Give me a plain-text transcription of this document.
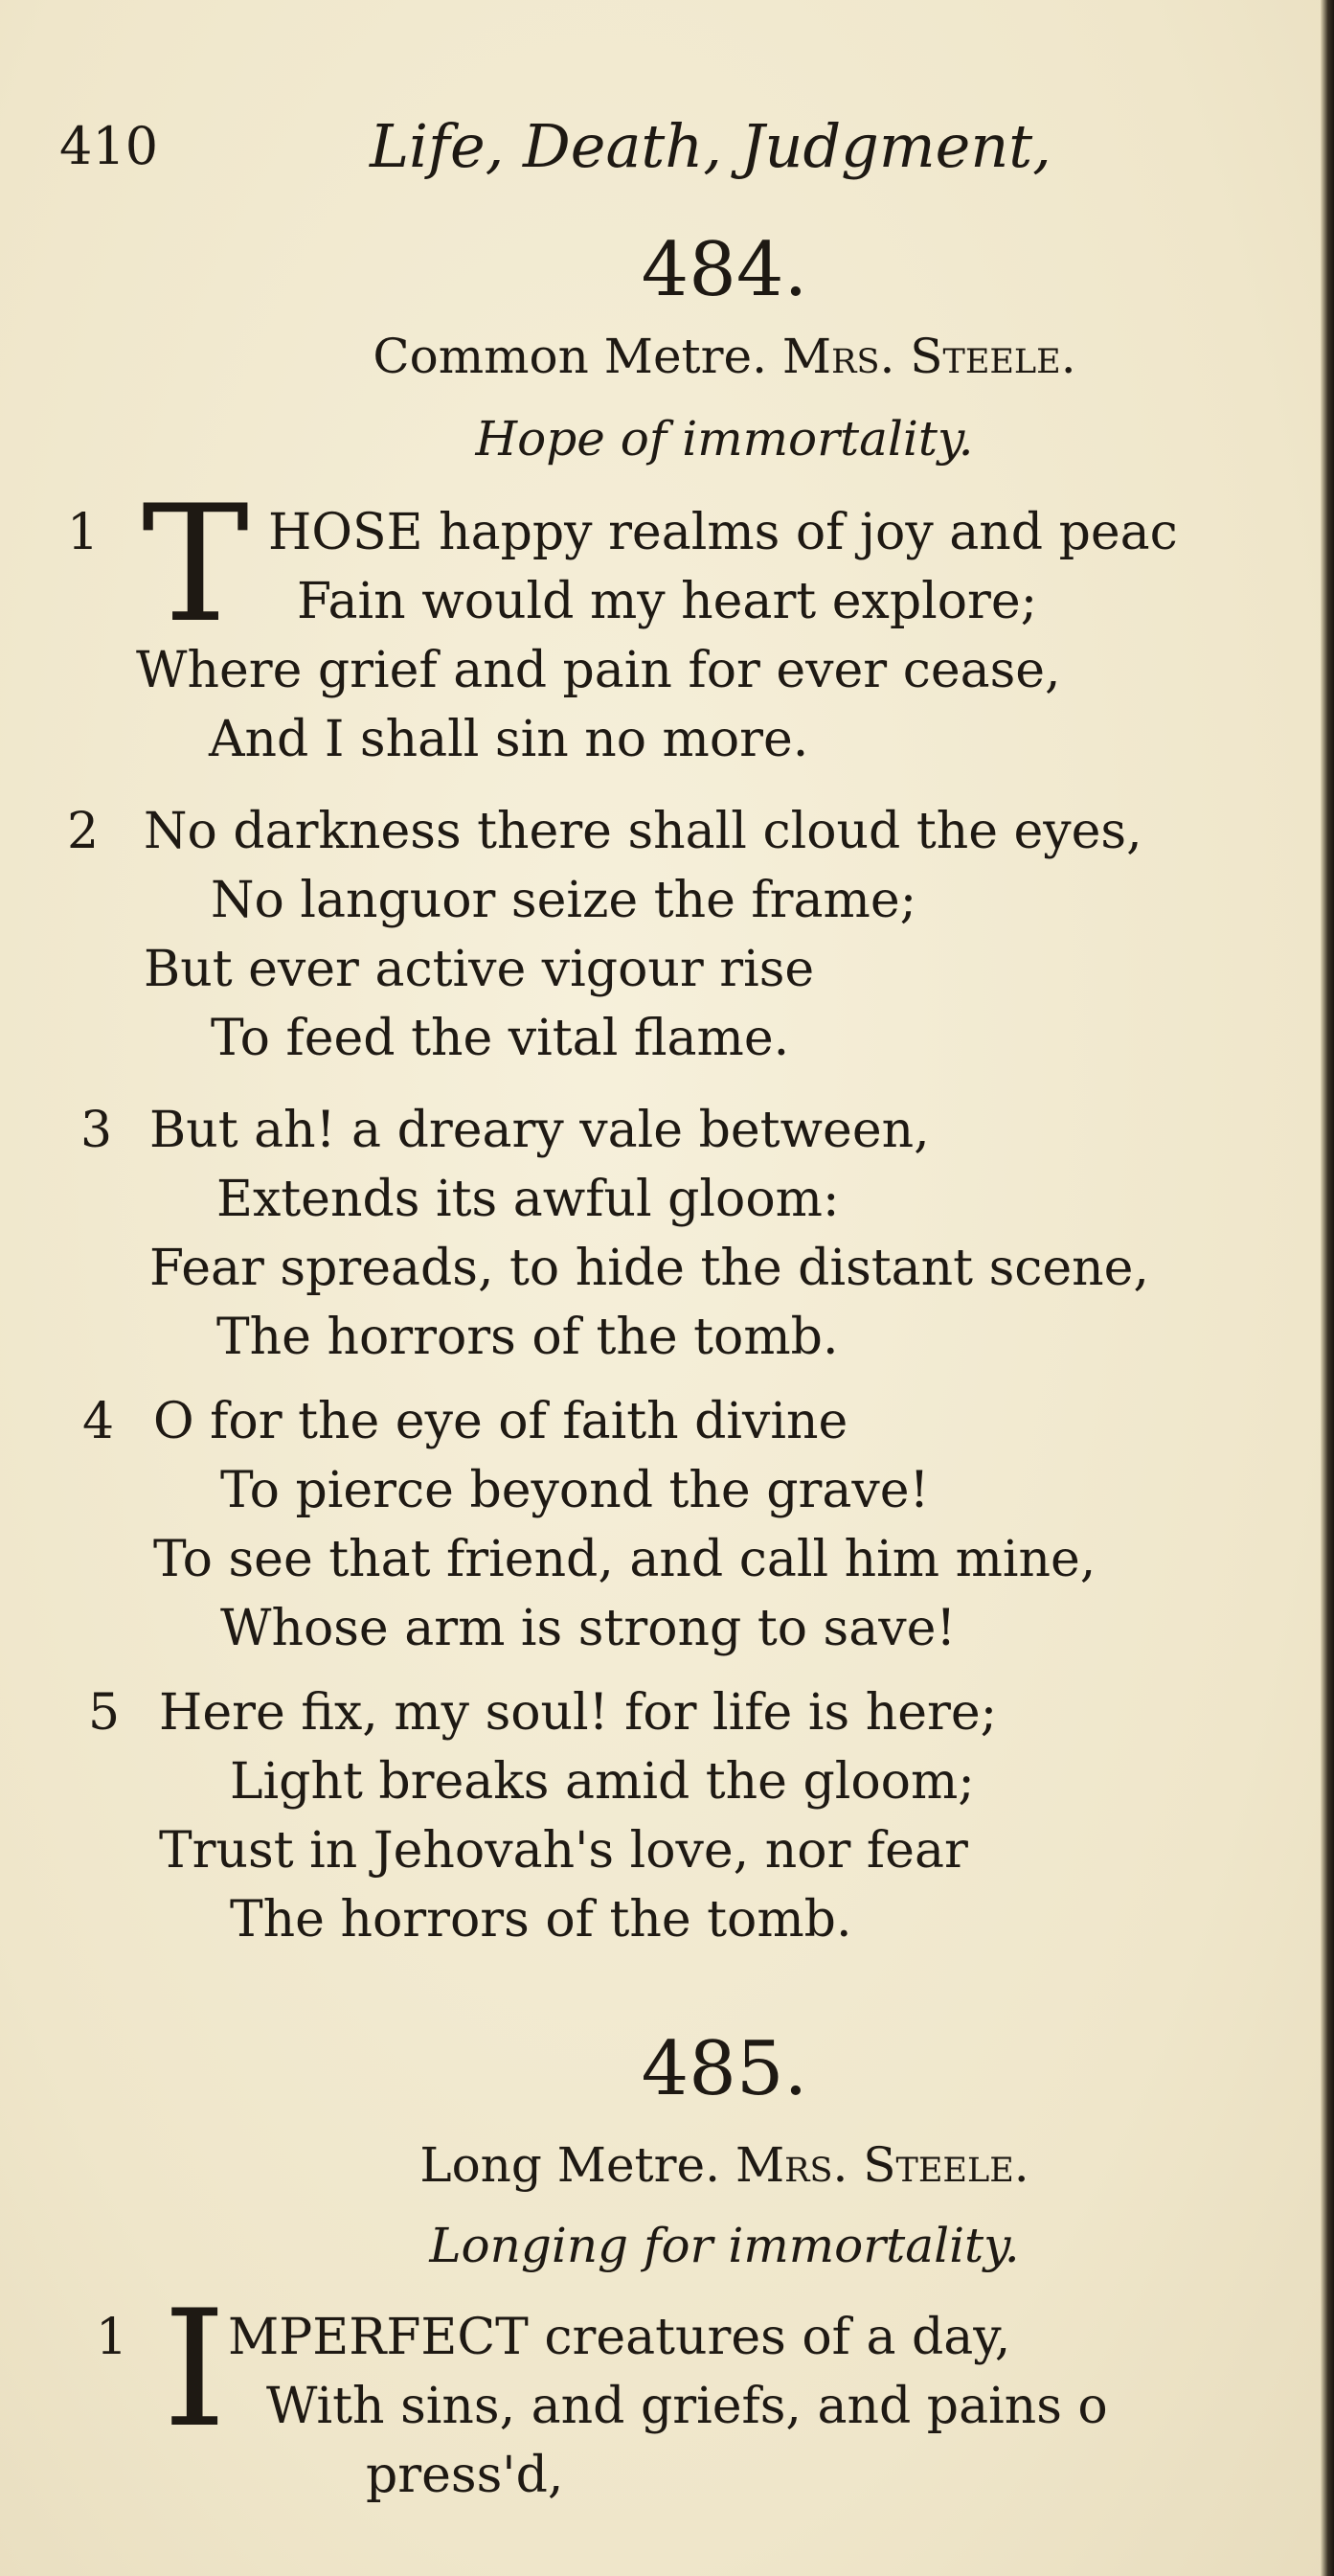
410	Life, Death, Judgment,
484.
Common Metre. Mrs. Steele.
Hope of immortality.
1 T HOSE happy realms of joy and peac
Fain would my heart explore;
Where grief and pain for ever cease,
And I shall sin no more.
2 No darkness there shall cloud the eyes,
No languor seize the frame;
But ever active vigour rise
To feed the vital flame.
3 But ah! a dreary vale between,
Extends its awful gloom:
Fear spreads, to hide the distant scene,
The horrors of the tomb.
4 O for the eye of faith divine
To pierce beyond the grave!
To see that friend, and call him mine,
Whose arm is strong to save!
5 Here fix, my soul! for life is here;
Light breaks amid the gloom;
Trust in Jehovah's love, nor fear
The horrors of the tomb.
485.
Long Metre. Mrs. Steele.
Longing for immortality.
1 I MPERFECT creatures of a day,
With sins, and griefs, and pains o
press'd,
